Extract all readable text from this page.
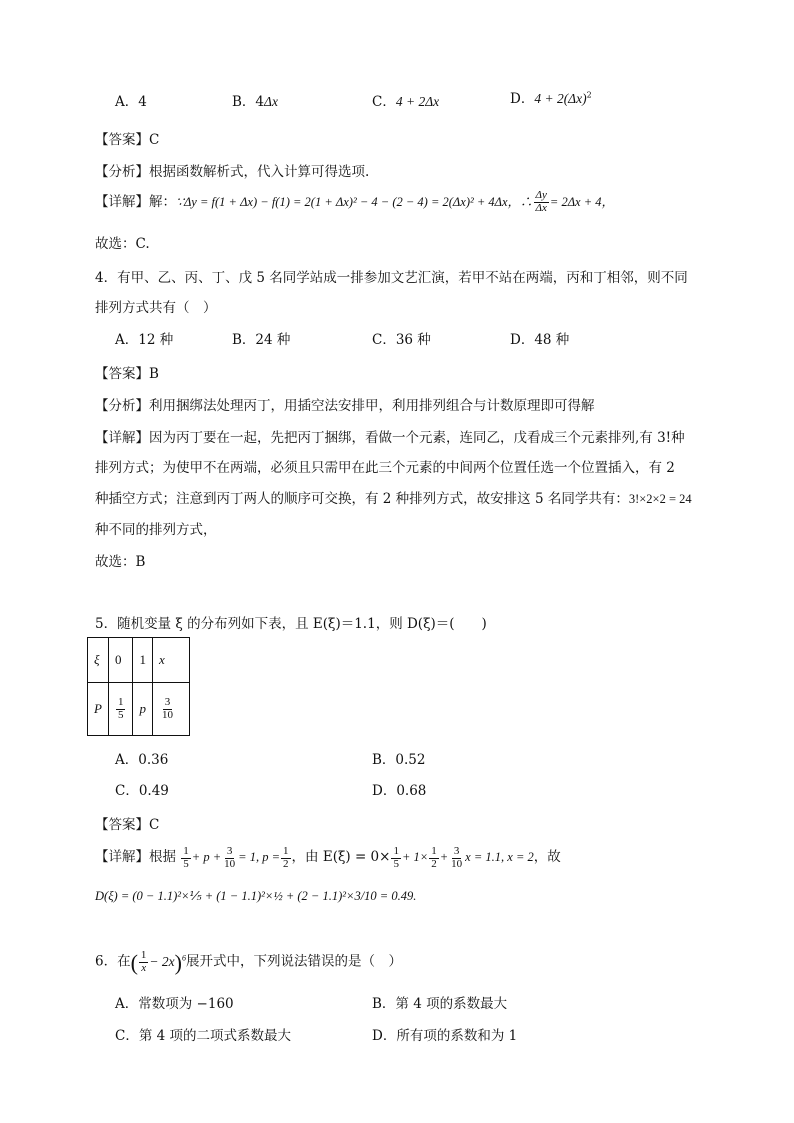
A．4	B．4Δx	C．4 + 2Δx	D．$4 + 2(\Delta x)^2$
【答案】C
【分析】根据函数解析式，代入计算可得选项.
【详解】解：∵Δy = f(1 + Δx) − f(1) = 2(1 + Δx)² − 4 − (2 − 4) = 2(Δx)² + 4Δx，∴ $\frac{\Delta y}{\Delta x} = 2\Delta x + 4$，
故选：C.
4．有甲、乙、丙、丁、戊 5 名同学站成一排参加文艺汇演，若甲不站在两端，丙和丁相邻，则不同
排列方式共有（　）
A．12 种	B．24 种	C．36 种	D．48 种
【答案】B
【分析】利用捆绑法处理丙丁，用插空法安排甲，利用排列组合与计数原理即可得解
【详解】因为丙丁要在一起，先把丙丁捆绑，看做一个元素，连同乙，戊看成三个元素排列,有 3!种
排列方式；为使甲不在两端，必须且只需甲在此三个元素的中间两个位置任选一个位置插入，有 2
种插空方式；注意到丙丁两人的顺序可交换，有 2 种排列方式，故安排这 5 名同学共有：3!×2×2 = 24
种不同的排列方式，
故选：B
5．随机变量 ξ 的分布列如下表，且 E(ξ)＝1.1，则 D(ξ)＝(　　)
ξ	0	1	x
P	$\frac{1}{5}$	p	$\frac{3}{10}$
A．0.36	B．0.52
C．0.49	D．0.68
【答案】C
【详解】根据 $\frac{1}{5} + p + \frac{3}{10} = 1$, $p = \frac{1}{2}$ ，由 $E(\xi) = 0\times \frac{1}{5} + 1\times \frac{1}{2} + \frac{3}{10}$ x = 1.1, x = 2，故
D(ξ) = (0 − 1.1)²×⅕ + (1 − 1.1)²×½ + (2 − 1.1)²×3/10 = 0.49.
6．在( $\frac{1}{x} - 2x)^6$展开式中，下列说法错误的是（　）
A．常数项为 −160	B．第 4 项的系数最大
C．第 4 项的二项式系数最大	D．所有项的系数和为 1
